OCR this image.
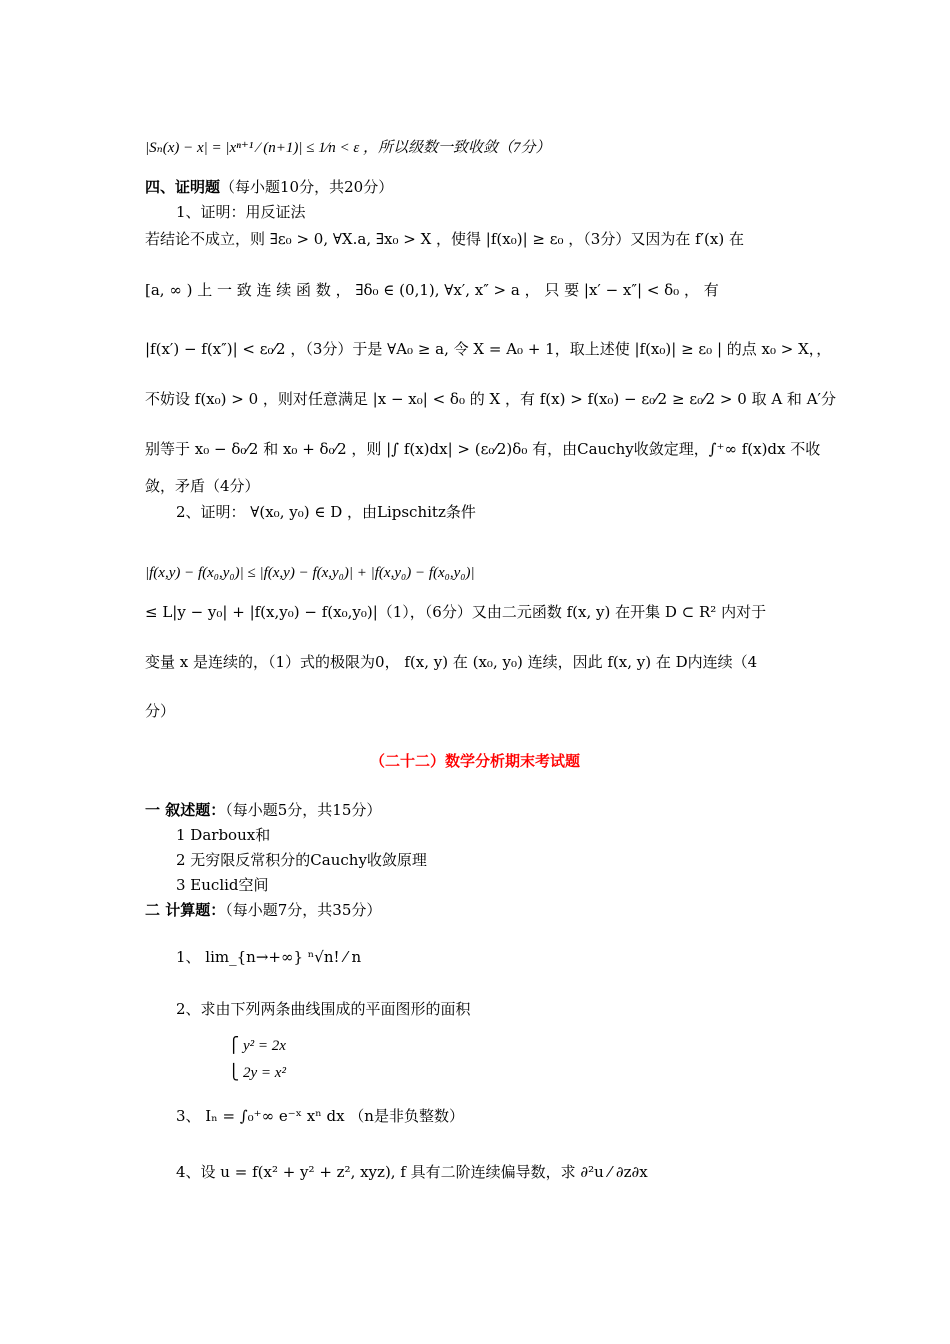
|Sₙ(x) − x| = |xⁿ⁺¹ ⁄ (n+1)| ≤ 1⁄n < ε ，所以级数一致收敛（7分）
四、证明题（每小题10分，共20分）
1、证明：用反证法
若结论不成立，则 ∃ε₀ > 0, ∀X.a, ∃x₀ > X ，使得 |f(x₀)| ≥ ε₀ ，（3分）又因为在 f′(x) 在
[a, ∞ ) 上 一 致 连 续 函 数 ， ∃δ₀ ∈ (0,1), ∀x′, x″ > a ， 只 要 |x′ − x″| < δ₀ ， 有
|f(x′) − f(x″)| < ε₀⁄2 ，（3分）于是 ∀A₀ ≥ a, 令 X = A₀ + 1，取上述使 |f(x₀)| ≥ ε₀ | 的点 x₀ > X，，
不妨设 f(x₀) > 0 ，则对任意满足 |x − x₀| < δ₀ 的 X ，有 f(x) > f(x₀) − ε₀⁄2 ≥ ε₀⁄2 > 0 取 A 和 A′分
别等于 x₀ − δ₀⁄2 和 x₀ + δ₀⁄2 ，则 |∫ f(x)dx| > (ε₀⁄2)δ₀ 有，由Cauchy收敛定理，∫⁺∞ f(x)dx 不收
敛，矛盾（4分）
2、证明： ∀(x₀, y₀) ∈ D ，由Lipschitz条件
|f(x,y) − f(x₀,y₀)| ≤ |f(x,y) − f(x,y₀)| + |f(x,y₀) − f(x₀,y₀)|
≤ L|y − y₀| + |f(x,y₀) − f(x₀,y₀)|（1），（6分）又由二元函数 f(x, y) 在开集 D ⊂ R² 内对于
变量 x 是连续的，（1）式的极限为0， f(x, y) 在 (x₀, y₀) 连续，因此 f(x, y) 在 D内连续（4
分）
（二十二）数学分析期末考试题
一 叙述题：（每小题5分，共15分）
1 Darboux和
2 无穷限反常积分的Cauchy收敛原理
3 Euclid空间
二 计算题：（每小题7分，共35分）
1、 lim_{n→+∞} ⁿ√n! ⁄ n
2、求由下列两条曲线围成的平面图形的面积
⎧ y² = 2x
⎩ 2y = x²
3、 Iₙ = ∫₀⁺∞ e⁻ˣ xⁿ dx （n是非负整数）
4、设 u = f(x² + y² + z², xyz), f 具有二阶连续偏导数，求 ∂²u ⁄ ∂z∂x
